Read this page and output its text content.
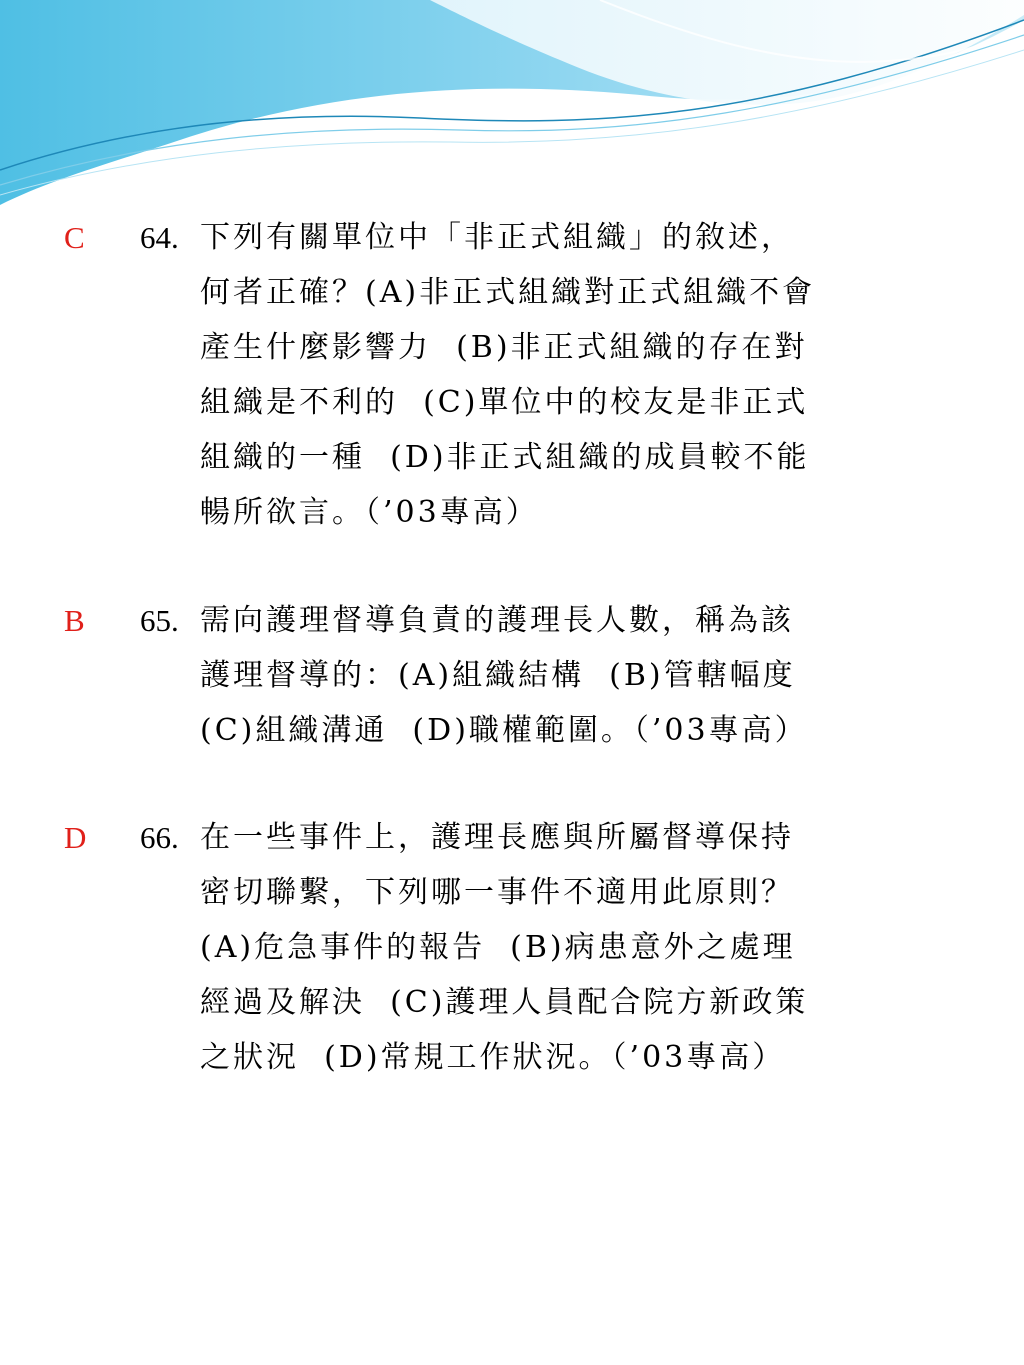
C 64. 下列有關單位中「非正式組織」的敘述，
何者正確？(A)非正式組織對正式組織不會
產生什麼影響力  (B)非正式組織的存在對
組織是不利的  (C)單位中的校友是非正式
組織的一種  (D)非正式組織的成員較不能
暢所欲言。（’03專高）
B 65. 需向護理督導負責的護理長人數，稱為該
護理督導的：(A)組織結構  (B)管轄幅度
(C)組織溝通  (D)職權範圍。（’03專高）
D 66. 在一些事件上，護理長應與所屬督導保持
密切聯繫，下列哪一事件不適用此原則？
(A)危急事件的報告  (B)病患意外之處理
經過及解決  (C)護理人員配合院方新政策
之狀況  (D)常規工作狀況。（’03專高）
